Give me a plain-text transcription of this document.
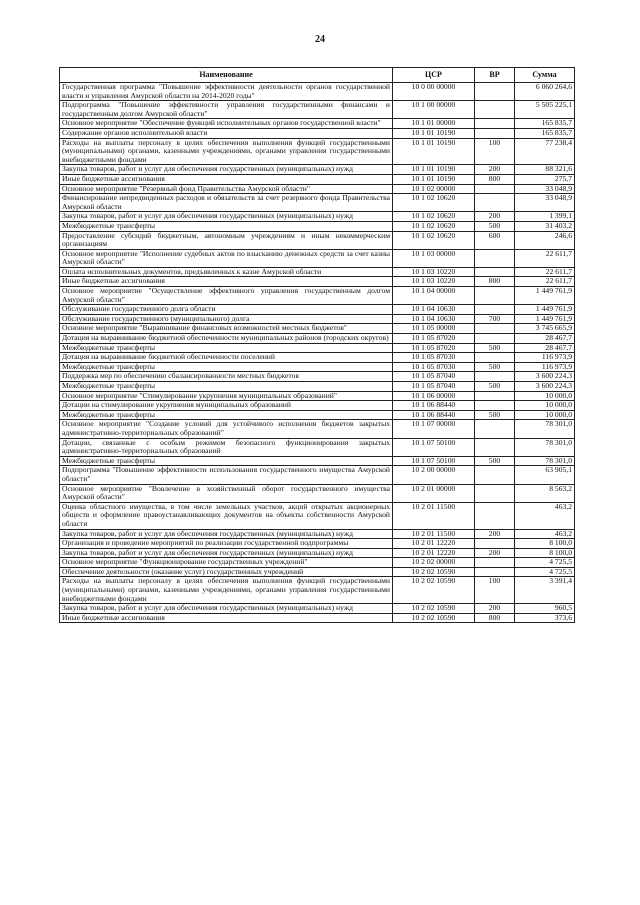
24
Наименование	ЦСР	ВР	Сумма
Государственная программа "Повышение эффективности деятельности органов государственной власти и управления Амурской области на 2014-2020 годы"	10 0 00 00000		6 060 264,6
Подпрограмма "Повышение эффективности управления государственными финансами и государственным долгом Амурской области"	10 1 00 00000		5 505 225,1
Основное мероприятие "Обеспечение функций исполнительных органов государственной власти"	10 1 01 00000		165 835,7
Содержание органов исполнительной власти	10 1 01 10190		165 835,7
Расходы на выплаты персоналу в целях обеспечения выполнения функций государственными (муниципальными) органами, казенными учреждениями, органами управления государственными внебюджетными фондами	10 1 01 10190	100	77 238,4
Закупка товаров, работ и услуг для обеспечения государственных (муниципальных) нужд	10 1 01 10190	200	88 321,6
Иные бюджетные ассигнования	10 1 01 10190	800	275,7
Основное мероприятие "Резервный фонд Правительства Амурской области"	10 1 02 00000		33 048,9
Финансирование непредвиденных расходов и обязательств за счет резервного фонда Правительства Амурской области	10 1 02 10620		33 048,9
Закупка товаров, работ и услуг для обеспечения государственных (муниципальных) нужд	10 1 02 10620	200	1 399,1
Межбюджетные трансферты	10 1 02 10620	500	31 403,2
Предоставление субсидий бюджетным, автономным учреждениям и иным некоммерческим организациям	10 1 02 10620	600	246,6
Основное мероприятие "Исполнение судебных актов по взысканию денежных средств за счет казны Амурской области"	10 1 03 00000		22 611,7
Оплата исполнительных документов, предъявленных к казне Амурской области	10 1 03 10220		22 611,7
Иные бюджетные ассигнования	10 1 03 10220	800	22 611,7
Основное мероприятие "Осуществление эффективного управления государственным долгом Амурской области"	10 1 04 00000		1 449 761,9
Обслуживание государственного долга области	10 1 04 10630		1 449 761,9
Обслуживание государственного (муниципального) долга	10 1 04 10630	700	1 449 761,9
Основное мероприятие "Выравнивание финансовых возможностей местных бюджетов"	10 1 05 00000		3 745 665,9
Дотация на выравнивание бюджетной обеспеченности муниципальных районов (городских округов)	10 1 05 87020		28 467,7
Межбюджетные трансферты	10 1 05 87020	500	28 467,7
Дотация на выравнивание бюджетной обеспеченности поселений	10 1 05 87030		116 973,9
Межбюджетные трансферты	10 1 05 87030	500	116 973,9
Поддержка мер по обеспечению сбалансированности местных бюджетов	10 1 05 87040		3 600 224,3
Межбюджетные трансферты	10 1 05 87040	500	3 600 224,3
Основное мероприятие "Стимулирование укрупнения муниципальных образований"	10 1 06 00000		10 000,0
Дотации на стимулирование укрупнения муниципальных образований	10 1 06 88440		10 000,0
Межбюджетные трансферты	10 1 06 88440	500	10 000,0
Основное мероприятие "Создание условий для устойчивого исполнения бюджетов закрытых административно-территориальных образований"	10 1 07 00000		78 301,0
Дотации, связанные с особым режимом безопасного функционирования закрытых административно-территориальных образований	10 1 07 50100		78 301,0
Межбюджетные трансферты	10 1 07 50100	500	78 301,0
Подпрограмма "Повышение эффективности использования государственного имущества Амурской области"	10 2 00 00000		63 905,1
Основное мероприятие "Вовлечение в хозяйственный оборот государственного имущества Амурской области"	10 2 01 00000		8 563,2
Оценка областного имущества, в том числе земельных участков, акций открытых акционерных обществ и оформление правоустанавливающих документов на объекты собственности Амурской области	10 2 01 11500		463,2
Закупка товаров, работ и услуг для обеспечения государственных (муниципальных) нужд	10 2 01 11500	200	463,2
Организация и проведение мероприятий по реализации государственной подпрограммы	10 2 01 12220		8 100,0
Закупка товаров, работ и услуг для обеспечения государственных (муниципальных) нужд	10 2 01 12220	200	8 100,0
Основное мероприятие "Функционирование государственных учреждений"	10 2 02 00000		4 725,5
Обеспечение деятельности (оказание услуг) государственных учреждений	10 2 02 10590		4 725,5
Расходы на выплаты персоналу в целях обеспечения выполнения функций государственными (муниципальными) органами, казенными учреждениями, органами управления государственными внебюджетными фондами	10 2 02 10590	100	3 391,4
Закупка товаров, работ и услуг для обеспечения государственных (муниципальных) нужд	10 2 02 10590	200	960,5
Иные бюджетные ассигнования	10 2 02 10590	800	373,6
